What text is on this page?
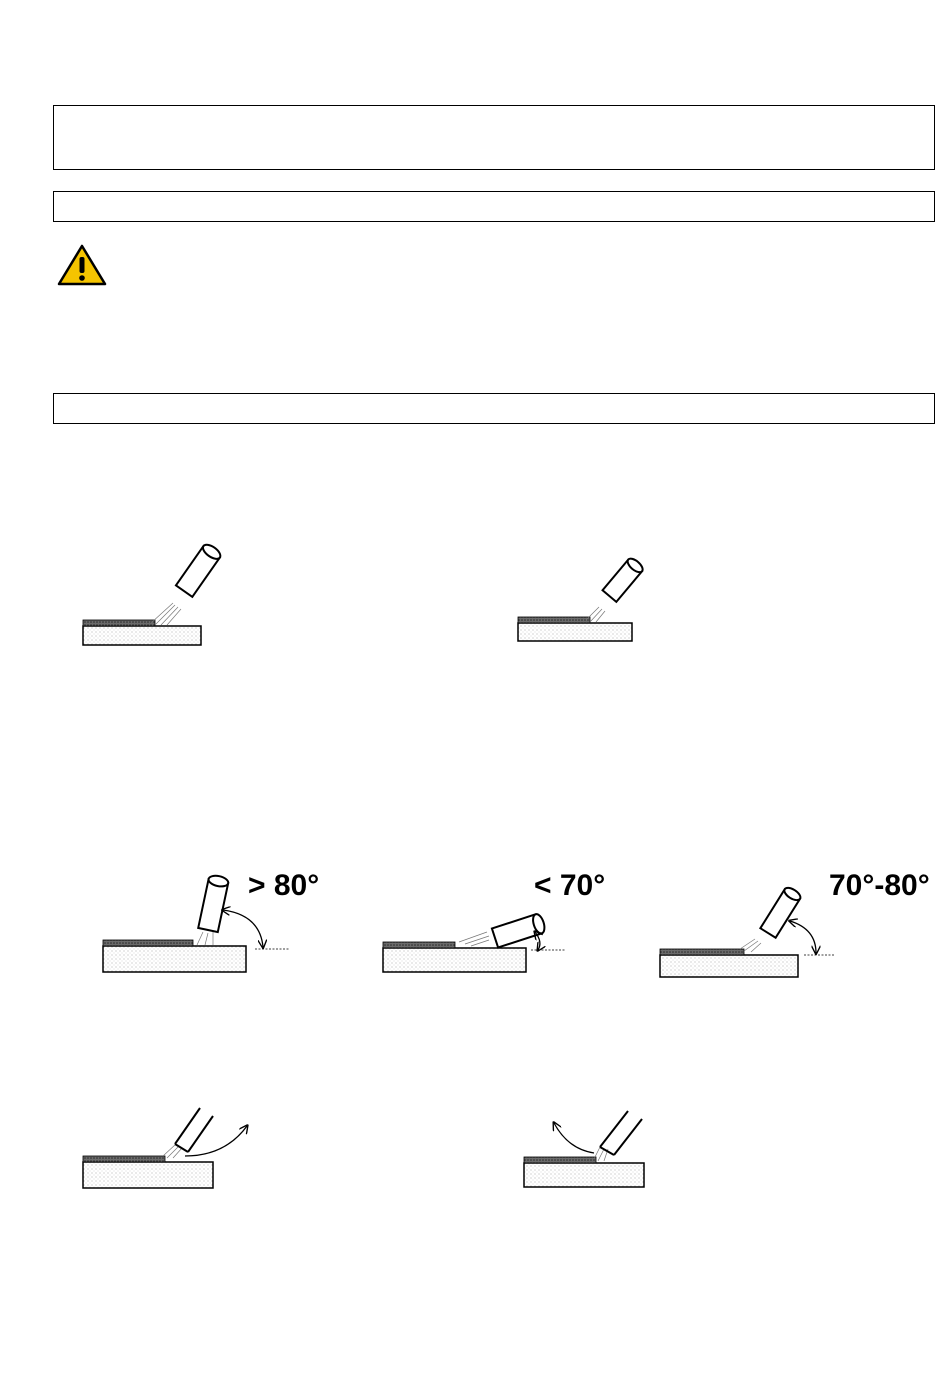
> 80°	< 70°	70°-80°
